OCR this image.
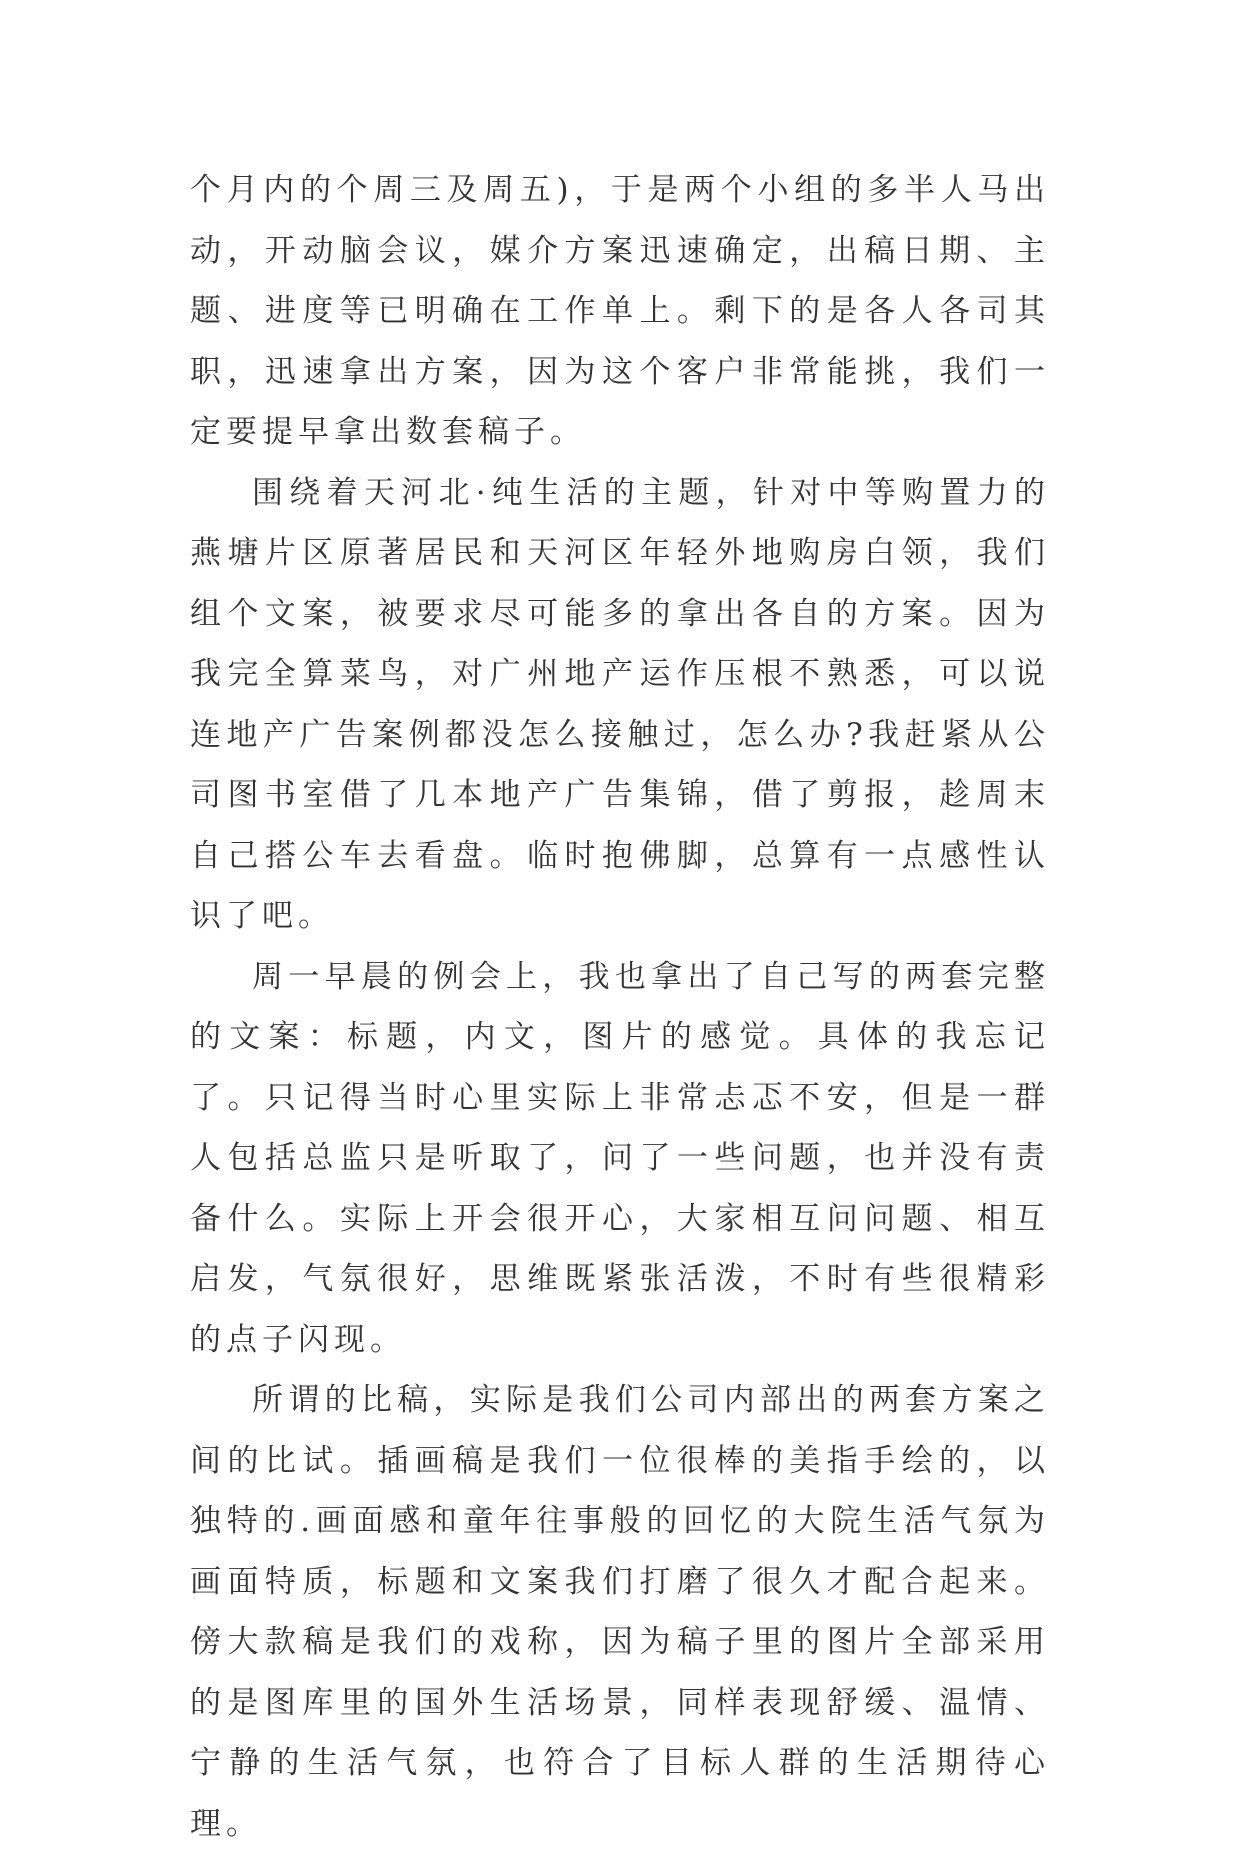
个月内的个周三及周五)，于是两个小组的多半人马出动，开动脑会议，媒介方案迅速确定，出稿日期、主题、进度等已明确在工作单上。剩下的是各人各司其职，迅速拿出方案，因为这个客户非常能挑，我们一定要提早拿出数套稿子。

围绕着天河北·纯生活的主题，针对中等购置力的燕塘片区原著居民和天河区年轻外地购房白领，我们组个文案，被要求尽可能多的拿出各自的方案。因为我完全算菜鸟，对广州地产运作压根不熟悉，可以说连地产广告案例都没怎么接触过，怎么办?我赶紧从公司图书室借了几本地产广告集锦，借了剪报，趁周末自己搭公车去看盘。临时抱佛脚，总算有一点感性认识了吧。

周一早晨的例会上，我也拿出了自己写的两套完整的文案：标题，内文，图片的感觉。具体的我忘记了。只记得当时心里实际上非常忐忑不安，但是一群人包括总监只是听取了，问了一些问题，也并没有责备什么。实际上开会很开心，大家相互问问题、相互启发，气氛很好，思维既紧张活泼，不时有些很精彩的点子闪现。

所谓的比稿，实际是我们公司内部出的两套方案之间的比试。插画稿是我们一位很棒的美指手绘的，以独特的.画面感和童年往事般的回忆的大院生活气氛为画面特质，标题和文案我们打磨了很久才配合起来。傍大款稿是我们的戏称，因为稿子里的图片全部采用的是图库里的国外生活场景，同样表现舒缓、温情、宁静的生活气氛，也符合了目标人群的生活期待心理。
